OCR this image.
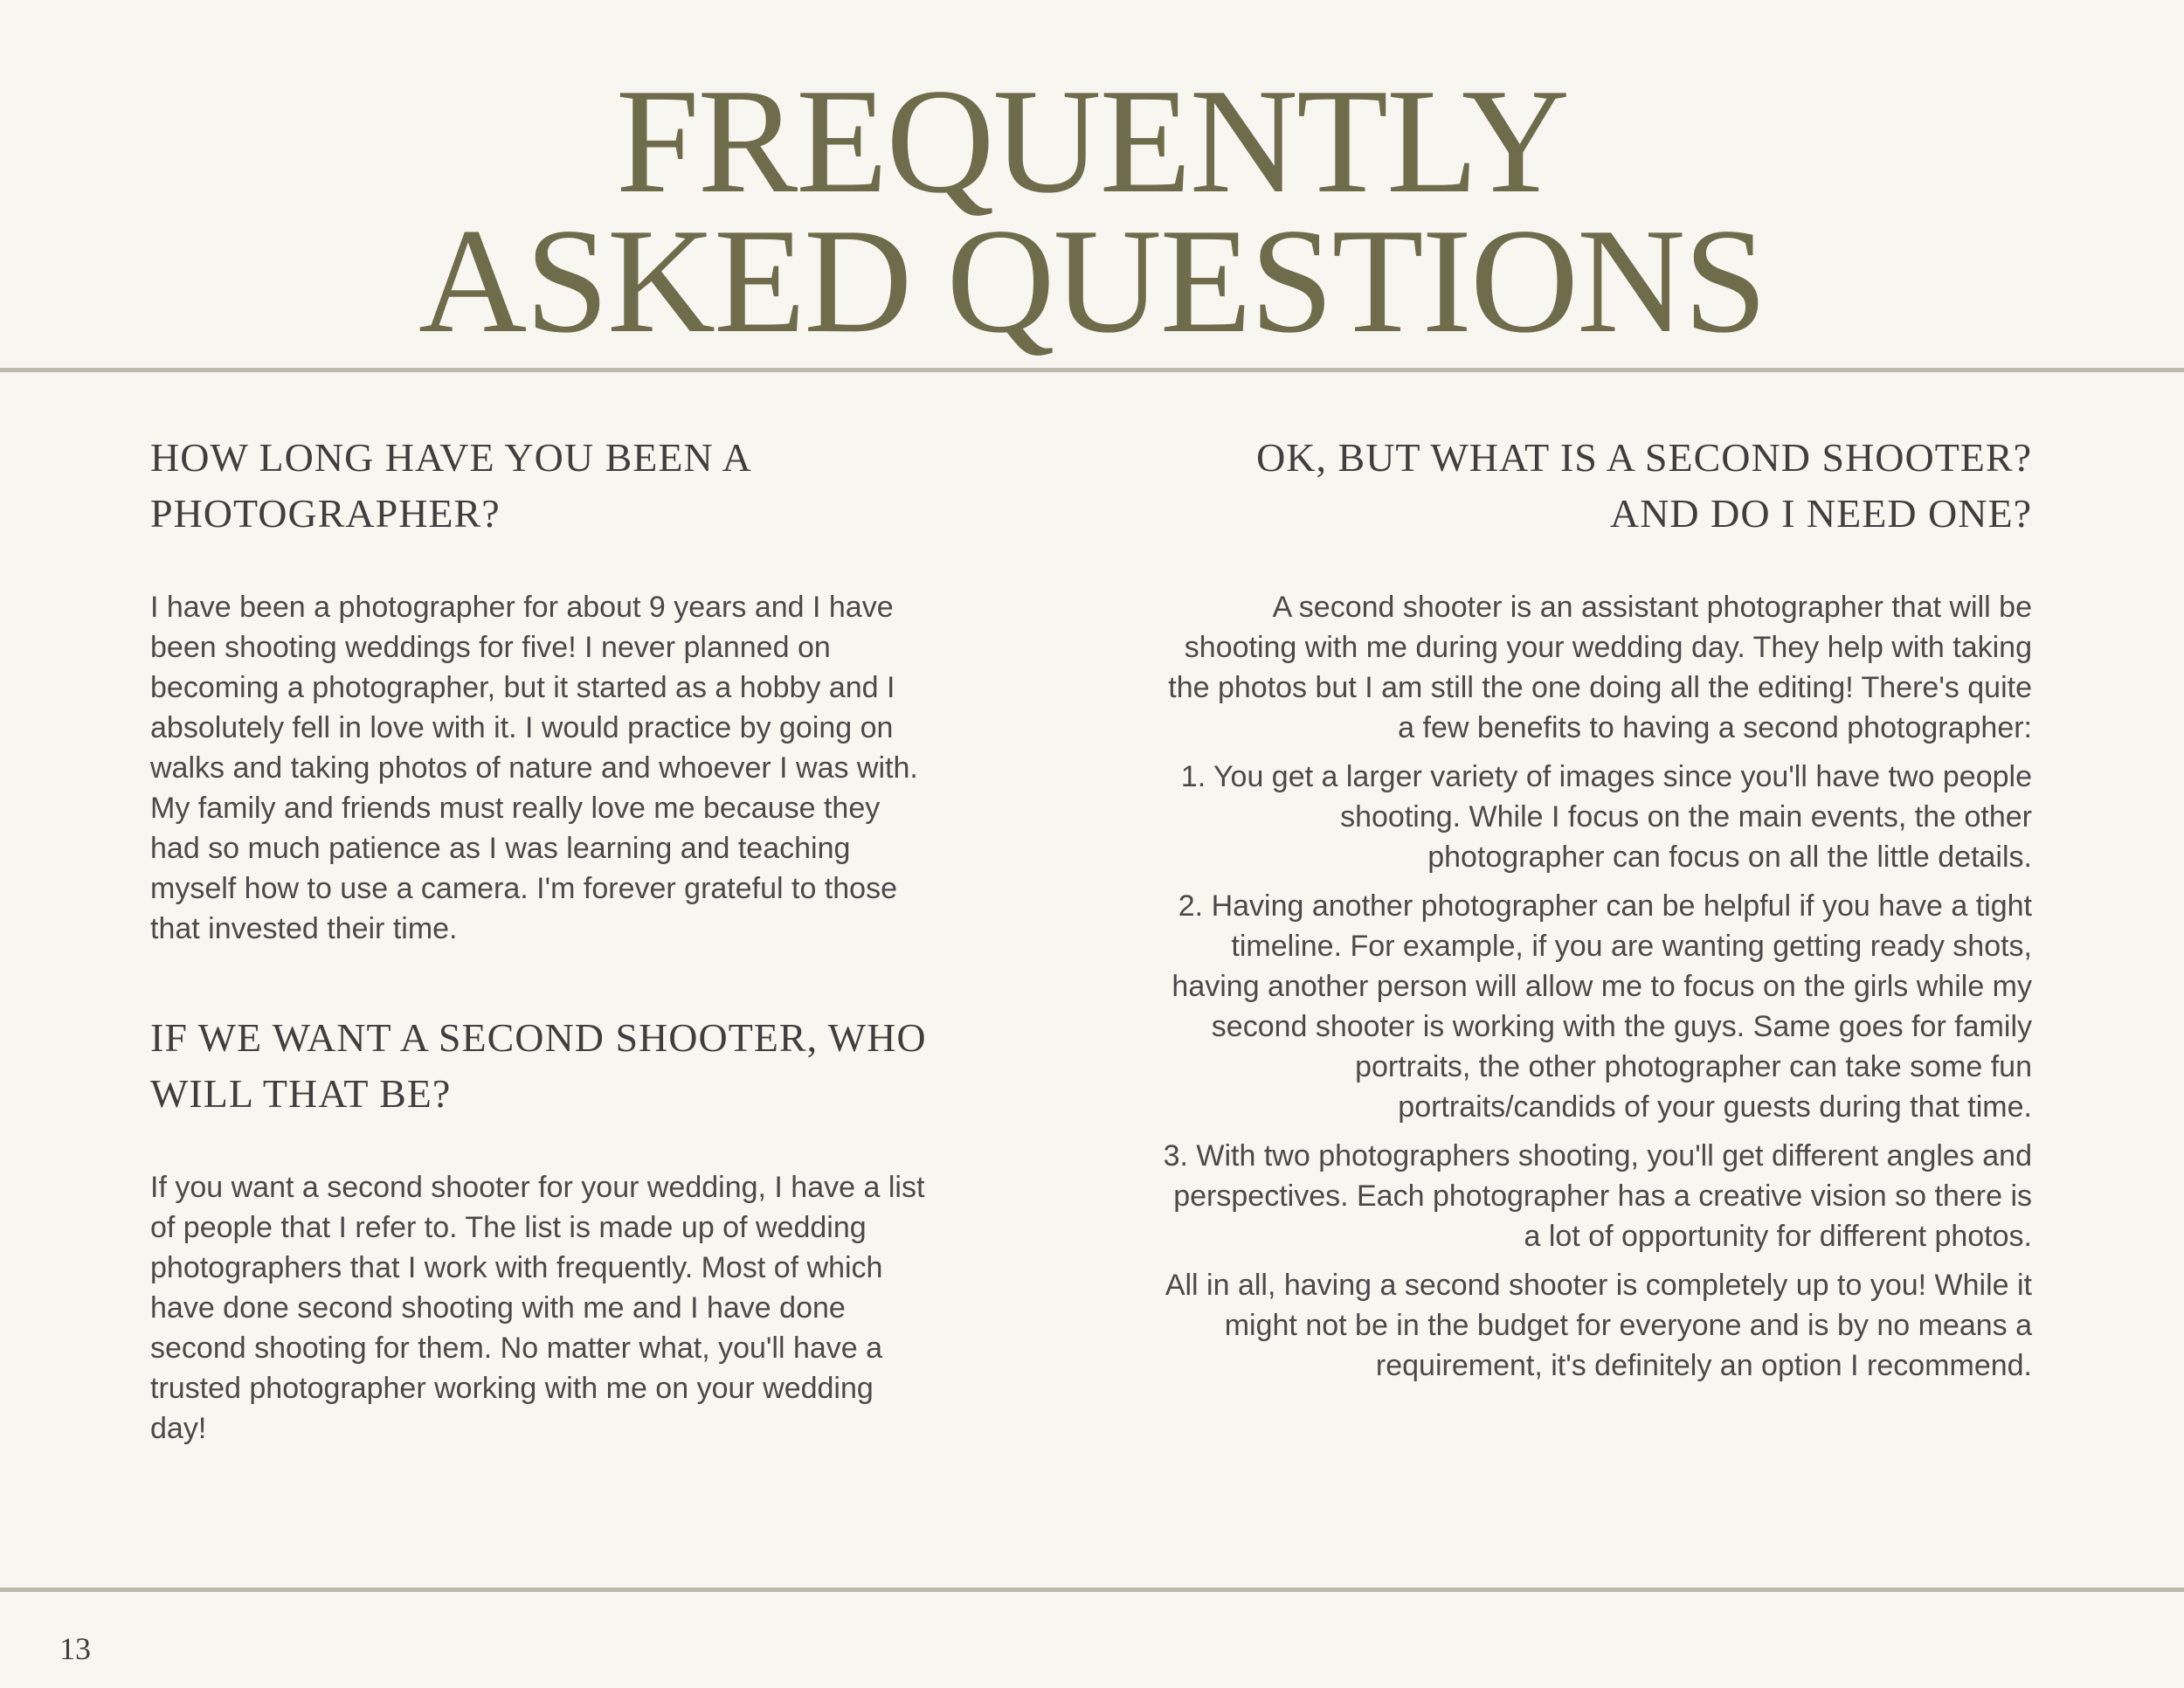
FREQUENTLY
ASKED QUESTIONS
HOW LONG HAVE YOU BEEN A PHOTOGRAPHER?

I have been a photographer for about 9 years and I have been shooting weddings for five! I never planned on becoming a photographer, but it started as a hobby and I absolutely fell in love with it. I would practice by going on walks and taking photos of nature and whoever I was with. My family and friends must really love me because they had so much patience as I was learning and teaching myself how to use a camera. I'm forever grateful to those that invested their time.

IF WE WANT A SECOND SHOOTER, WHO WILL THAT BE?

If you want a second shooter for your wedding, I have a list of people that I refer to. The list is made up of wedding photographers that I work with frequently. Most of which have done second shooting with me and I have done second shooting for them. No matter what, you'll have a trusted photographer working with me on your wedding day!

OK, BUT WHAT IS A SECOND SHOOTER? AND DO I NEED ONE?

A second shooter is an assistant photographer that will be shooting with me during your wedding day. They help with taking the photos but I am still the one doing all the editing! There's quite a few benefits to having a second photographer:

1. You get a larger variety of images since you'll have two people shooting. While I focus on the main events, the other photographer can focus on all the little details.

2. Having another photographer can be helpful if you have a tight timeline. For example, if you are wanting getting ready shots, having another person will allow me to focus on the girls while my second shooter is working with the guys. Same goes for family portraits, the other photographer can take some fun portraits/candids of your guests during that time.

3. With two photographers shooting, you'll get different angles and perspectives. Each photographer has a creative vision so there is a lot of opportunity for different photos.

All in all, having a second shooter is completely up to you! While it might not be in the budget for everyone and is by no means a requirement, it's definitely an option I recommend.

13
